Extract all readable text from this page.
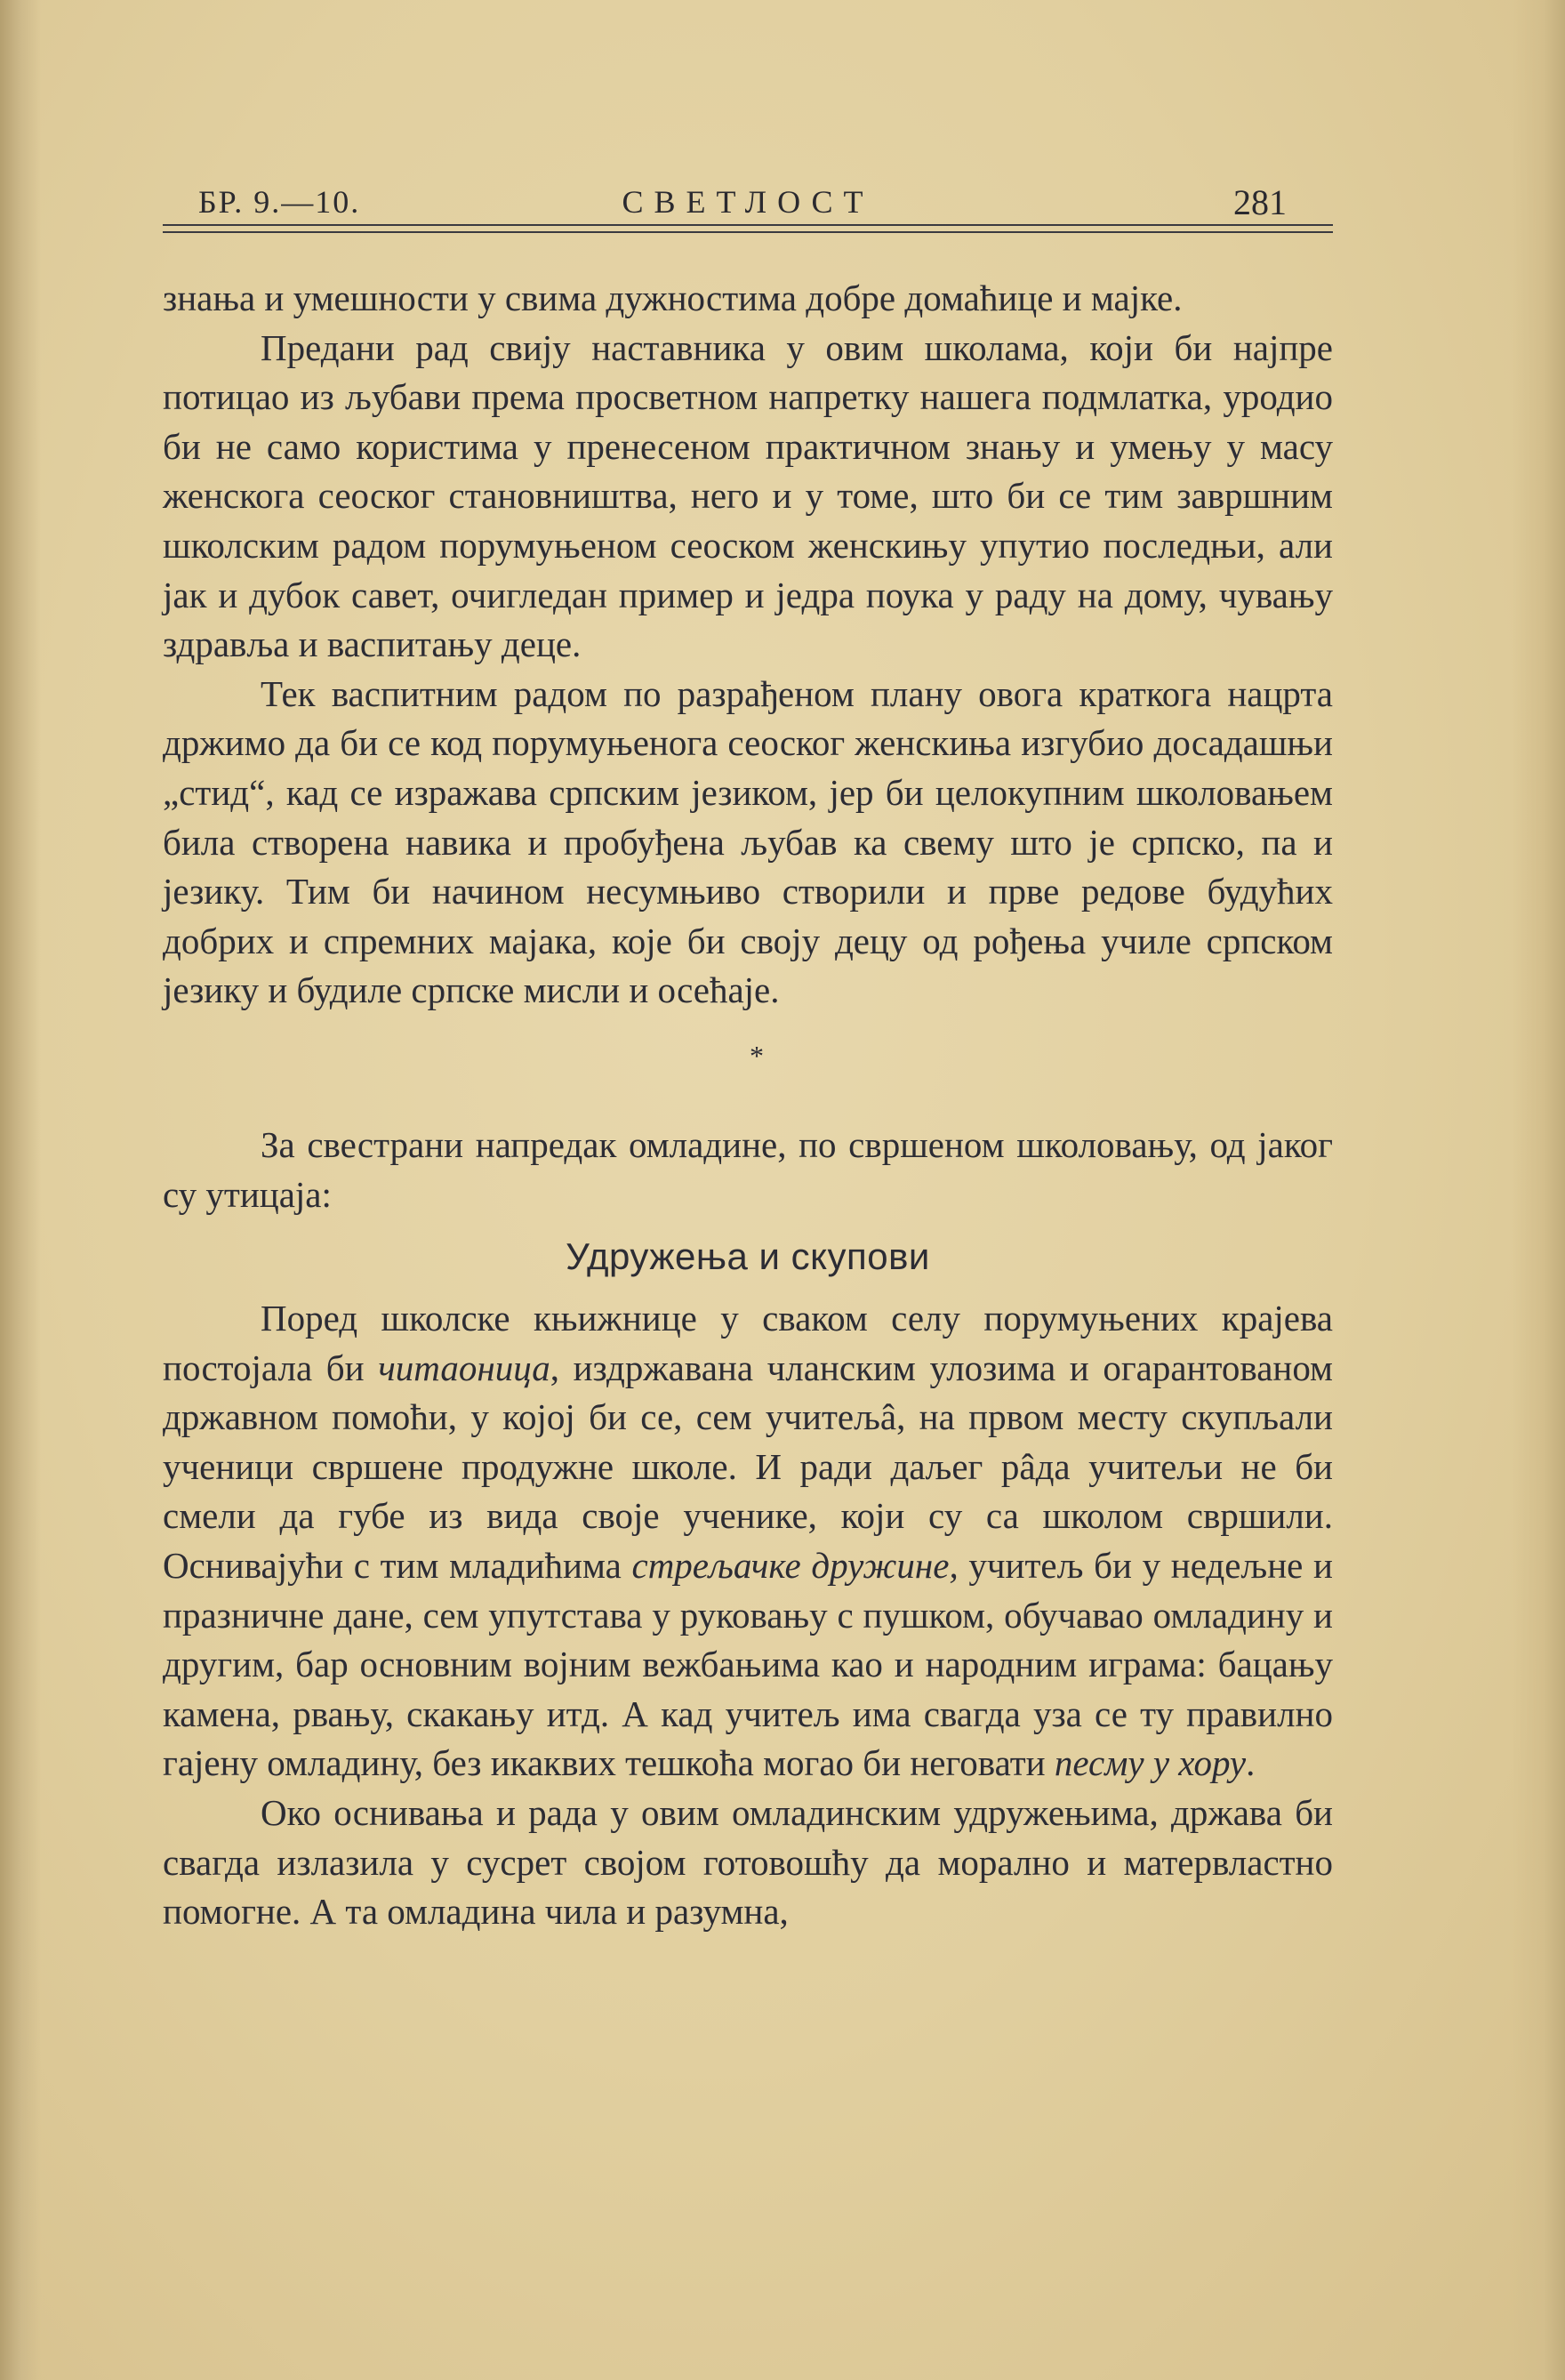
БР. 9.—10.	СВЕТЛОСТ	281

знања и умешности у свима дужностима добре домаћице и мајке.

Предани рад свију наставника у овим школама, који би најпре потицао из љубави према просветном напретку нашега подмлатка, уродио би не само користима у пренесеном практичном знању и умењу у масу женскога сеоског становништва, него и у томе, што би се тим завршним школским радом порумуњеном сеоском женскињу упутио последњи, али јак и дубок савет, очигледан пример и једра поука у раду на дому, чувању здравља и васпитању деце.

Тек васпитним радом по разрађеном плану овога краткога нацрта држимо да би се код порумуњенога сеоског женскиња изгубио досадашњи „стид“, кад се изражава српским језиком, јер би целокупним школовањем била створена навика и пробуђена љубав ка свему што је српско, па и језику. Тим би начином несумњиво створили и прве редове будућих добрих и спремних мајака, које би своју децу од рођења училе српском језику и будиле српске мисли и осећаје.

*

За свестрани напредак омладине, по свршеном школовању, од јаког су утицаја:

Удружења и скупови

Поред школске књижнице у сваком селу порумуњених крајева постојала би читаоница, издржавана чланским улозима и огарантованом државном помоћи, у којој би се, сем учитељâ, на првом месту скупљали ученици свршене продужне школе. И ради даљег рâда учитељи не би смели да губе из вида своје ученике, који су са школом свршили. Оснивајући с тим младићима стрељачке дружине, учитељ би у недељне и празничне дане, сем упутстава у руковању с пушком, обучавао омладину и другим, бар основним војним вежбањима као и народним играма: бацању камена, рвању, скакању итд. А кад учитељ има свагда уза се ту правилно гајену омладину, без икаквих тешкоћа могао би неговати песму у хору.

Око оснивања и рада у овим омладинским удружењима, држава би свагда излазила у сусрет својом готовошћу да морално и матервластно помогне. А та омладина чила и разумна,
